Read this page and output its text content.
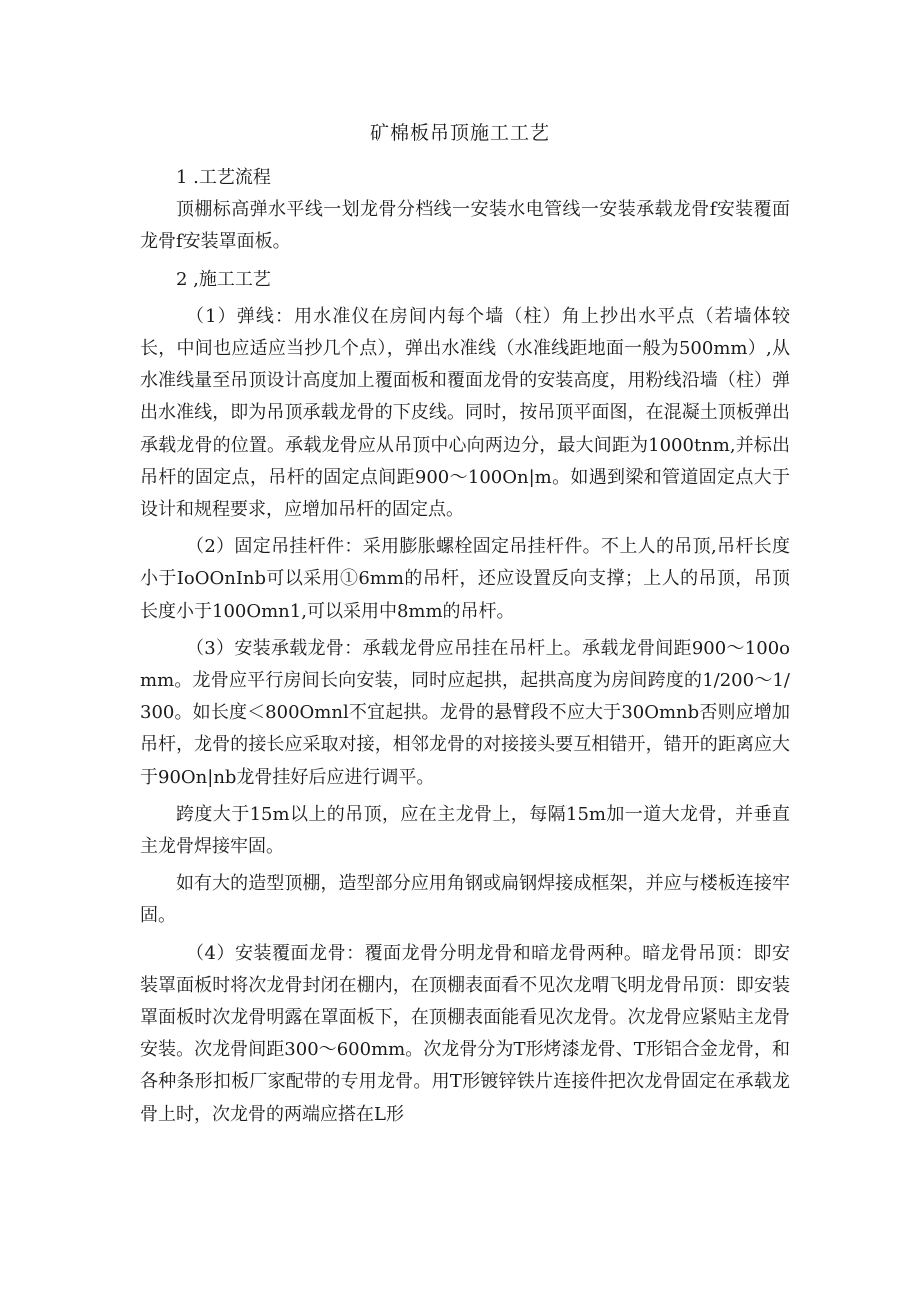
矿棉板吊顶施工工艺

1 .工艺流程

顶棚标高弹水平线一划龙骨分档线一安装水电管线一安装承载龙骨f安装覆面龙骨f安装罩面板。

2 ,施工工艺

（1）弹线：用水准仪在房间内每个墙（柱）角上抄出水平点（若墙体较长，中间也应适应当抄几个点），弹出水准线（水准线距地面一般为500mm）,从水准线量至吊顶设计高度加上覆面板和覆面龙骨的安装高度，用粉线沿墙（柱）弹出水准线，即为吊顶承载龙骨的下皮线。同时，按吊顶平面图，在混凝土顶板弹出承载龙骨的位置。承载龙骨应从吊顶中心向两边分，最大间距为1000tnm,并标出吊杆的固定点，吊杆的固定点间距900～100On|m。如遇到梁和管道固定点大于设计和规程要求，应增加吊杆的固定点。

（2）固定吊挂杆件：采用膨胀螺栓固定吊挂杆件。不上人的吊顶,吊杆长度小于IoOOnInb可以采用①6mm的吊杆，还应设置反向支撑；上人的吊顶，吊顶长度小于100Omn1,可以采用中8mm的吊杆。

（3）安装承载龙骨：承载龙骨应吊挂在吊杆上。承载龙骨间距900～100omm。龙骨应平行房间长向安装，同时应起拱，起拱高度为房间跨度的1/200～1/300。如长度＜800Omnl不宜起拱。龙骨的悬臂段不应大于30Omnb否则应增加吊杆，龙骨的接长应采取对接，相邻龙骨的对接接头要互相错开，错开的距离应大于90On|nb龙骨挂好后应进行调平。

跨度大于15m以上的吊顶，应在主龙骨上，每隔15m加一道大龙骨，并垂直主龙骨焊接牢固。

如有大的造型顶棚，造型部分应用角钢或扁钢焊接成框架，并应与楼板连接牢固。

（4）安装覆面龙骨：覆面龙骨分明龙骨和暗龙骨两种。暗龙骨吊顶：即安装罩面板时将次龙骨封闭在棚内，在顶棚表面看不见次龙喟飞明龙骨吊顶：即安装罩面板时次龙骨明露在罩面板下，在顶棚表面能看见次龙骨。次龙骨应紧贴主龙骨安装。次龙骨间距300～600mm。次龙骨分为T形烤漆龙骨、T形铝合金龙骨，和各种条形扣板厂家配带的专用龙骨。用T形镀锌铁片连接件把次龙骨固定在承载龙骨上时，次龙骨的两端应搭在L形
